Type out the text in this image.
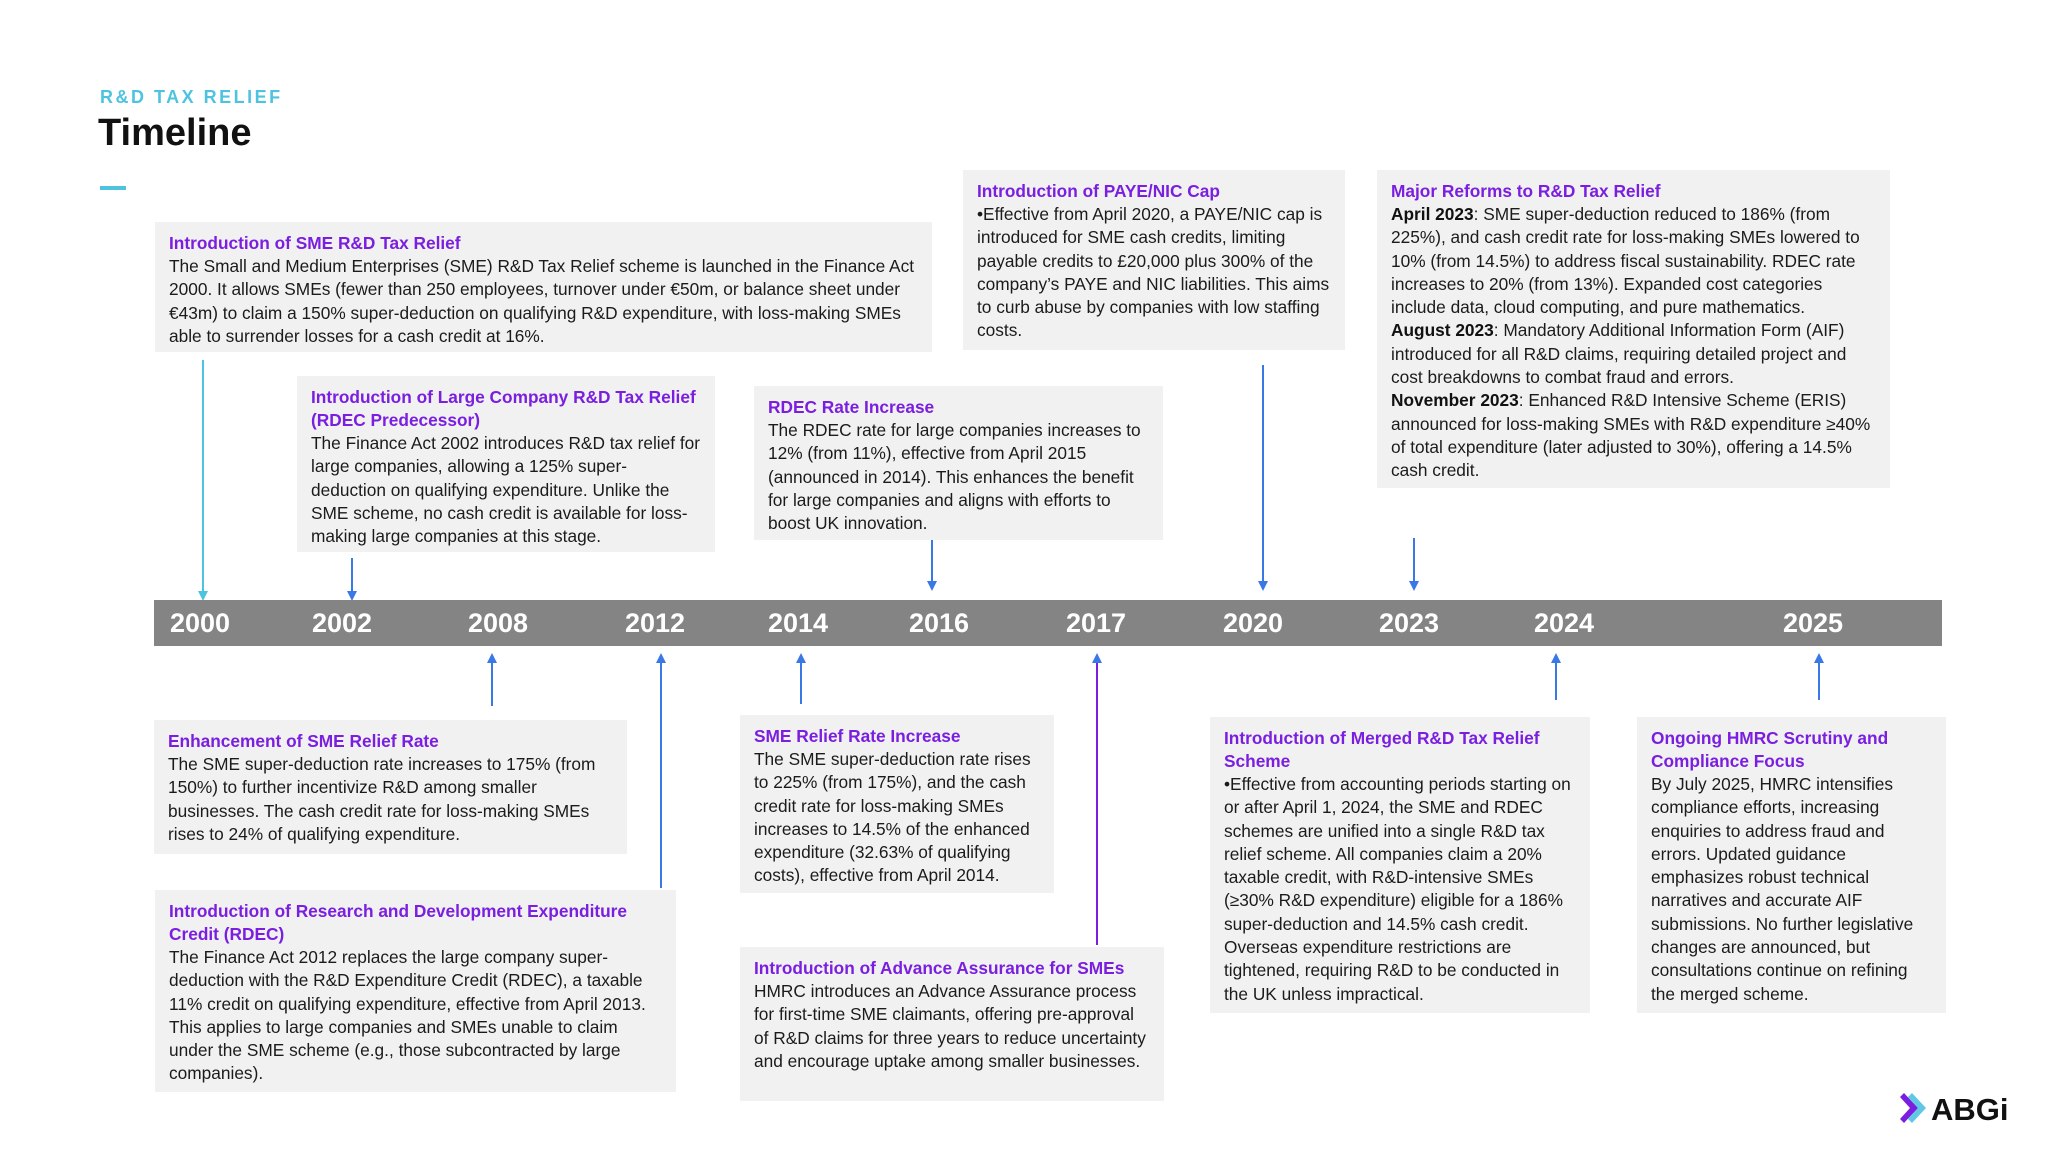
R&D TAX RELIEF
Timeline
2000	2002	2008	2012	2014	2016	2017	2020	2023	2024	2025
Introduction of SME R&D Tax Relief

The Small and Medium Enterprises (SME) R&D Tax Relief scheme is launched in the Finance Act 2000. It allows SMEs (fewer than 250 employees, turnover under €50m, or balance sheet under €43m) to claim a 150% super-deduction on qualifying R&D expenditure, with loss-making SMEs able to surrender losses for a cash credit at 16%.

Introduction of Large Company R&D Tax Relief (RDEC Predecessor)

The Finance Act 2002 introduces R&D tax relief for large companies, allowing a 125% super-deduction on qualifying expenditure. Unlike the SME scheme, no cash credit is available for loss-making large companies at this stage.

RDEC Rate Increase

The RDEC rate for large companies increases to 12% (from 11%), effective from April 2015 (announced in 2014). This enhances the benefit for large companies and aligns with efforts to boost UK innovation.

Introduction of PAYE/NIC Cap

•Effective from April 2020, a PAYE/NIC cap is introduced for SME cash credits, limiting payable credits to £20,000 plus 300% of the company’s PAYE and NIC liabilities. This aims to curb abuse by companies with low staffing costs.

Major Reforms to R&D Tax Relief

April 2023: SME super-deduction reduced to 186% (from 225%), and cash credit rate for loss-making SMEs lowered to 10% (from 14.5%) to address fiscal sustainability. RDEC rate increases to 20% (from 13%). Expanded cost categories include data, cloud computing, and pure mathematics.

August 2023: Mandatory Additional Information Form (AIF) introduced for all R&D claims, requiring detailed project and cost breakdowns to combat fraud and errors.

November 2023: Enhanced R&D Intensive Scheme (ERIS) announced for loss-making SMEs with R&D expenditure ≥40% of total expenditure (later adjusted to 30%), offering a 14.5% cash credit.

Enhancement of SME Relief Rate

The SME super-deduction rate increases to 175% (from 150%) to further incentivize R&D among smaller businesses. The cash credit rate for loss-making SMEs rises to 24% of qualifying expenditure.

Introduction of Research and Development Expenditure Credit (RDEC)

The Finance Act 2012 replaces the large company super-deduction with the R&D Expenditure Credit (RDEC), a taxable 11% credit on qualifying expenditure, effective from April 2013. This applies to large companies and SMEs unable to claim under the SME scheme (e.g., those subcontracted by large companies).

SME Relief Rate Increase

The SME super-deduction rate rises to 225% (from 175%), and the cash credit rate for loss-making SMEs increases to 14.5% of the enhanced expenditure (32.63% of qualifying costs), effective from April 2014.

Introduction of Advance Assurance for SMEs

HMRC introduces an Advance Assurance process for first-time SME claimants, offering pre-approval of R&D claims for three years to reduce uncertainty and encourage uptake among smaller businesses.

Introduction of Merged R&D Tax Relief Scheme

•Effective from accounting periods starting on or after April 1, 2024, the SME and RDEC schemes are unified into a single R&D tax relief scheme. All companies claim a 20% taxable credit, with R&D-intensive SMEs (≥30% R&D expenditure) eligible for a 186% super-deduction and 14.5% cash credit. Overseas expenditure restrictions are tightened, requiring R&D to be conducted in the UK unless impractical.

Ongoing HMRC Scrutiny and Compliance Focus

By July 2025, HMRC intensifies compliance efforts, increasing enquiries to address fraud and errors. Updated guidance emphasizes robust technical narratives and accurate AIF submissions. No further legislative changes are announced, but consultations continue on refining the merged scheme.

ABGi
